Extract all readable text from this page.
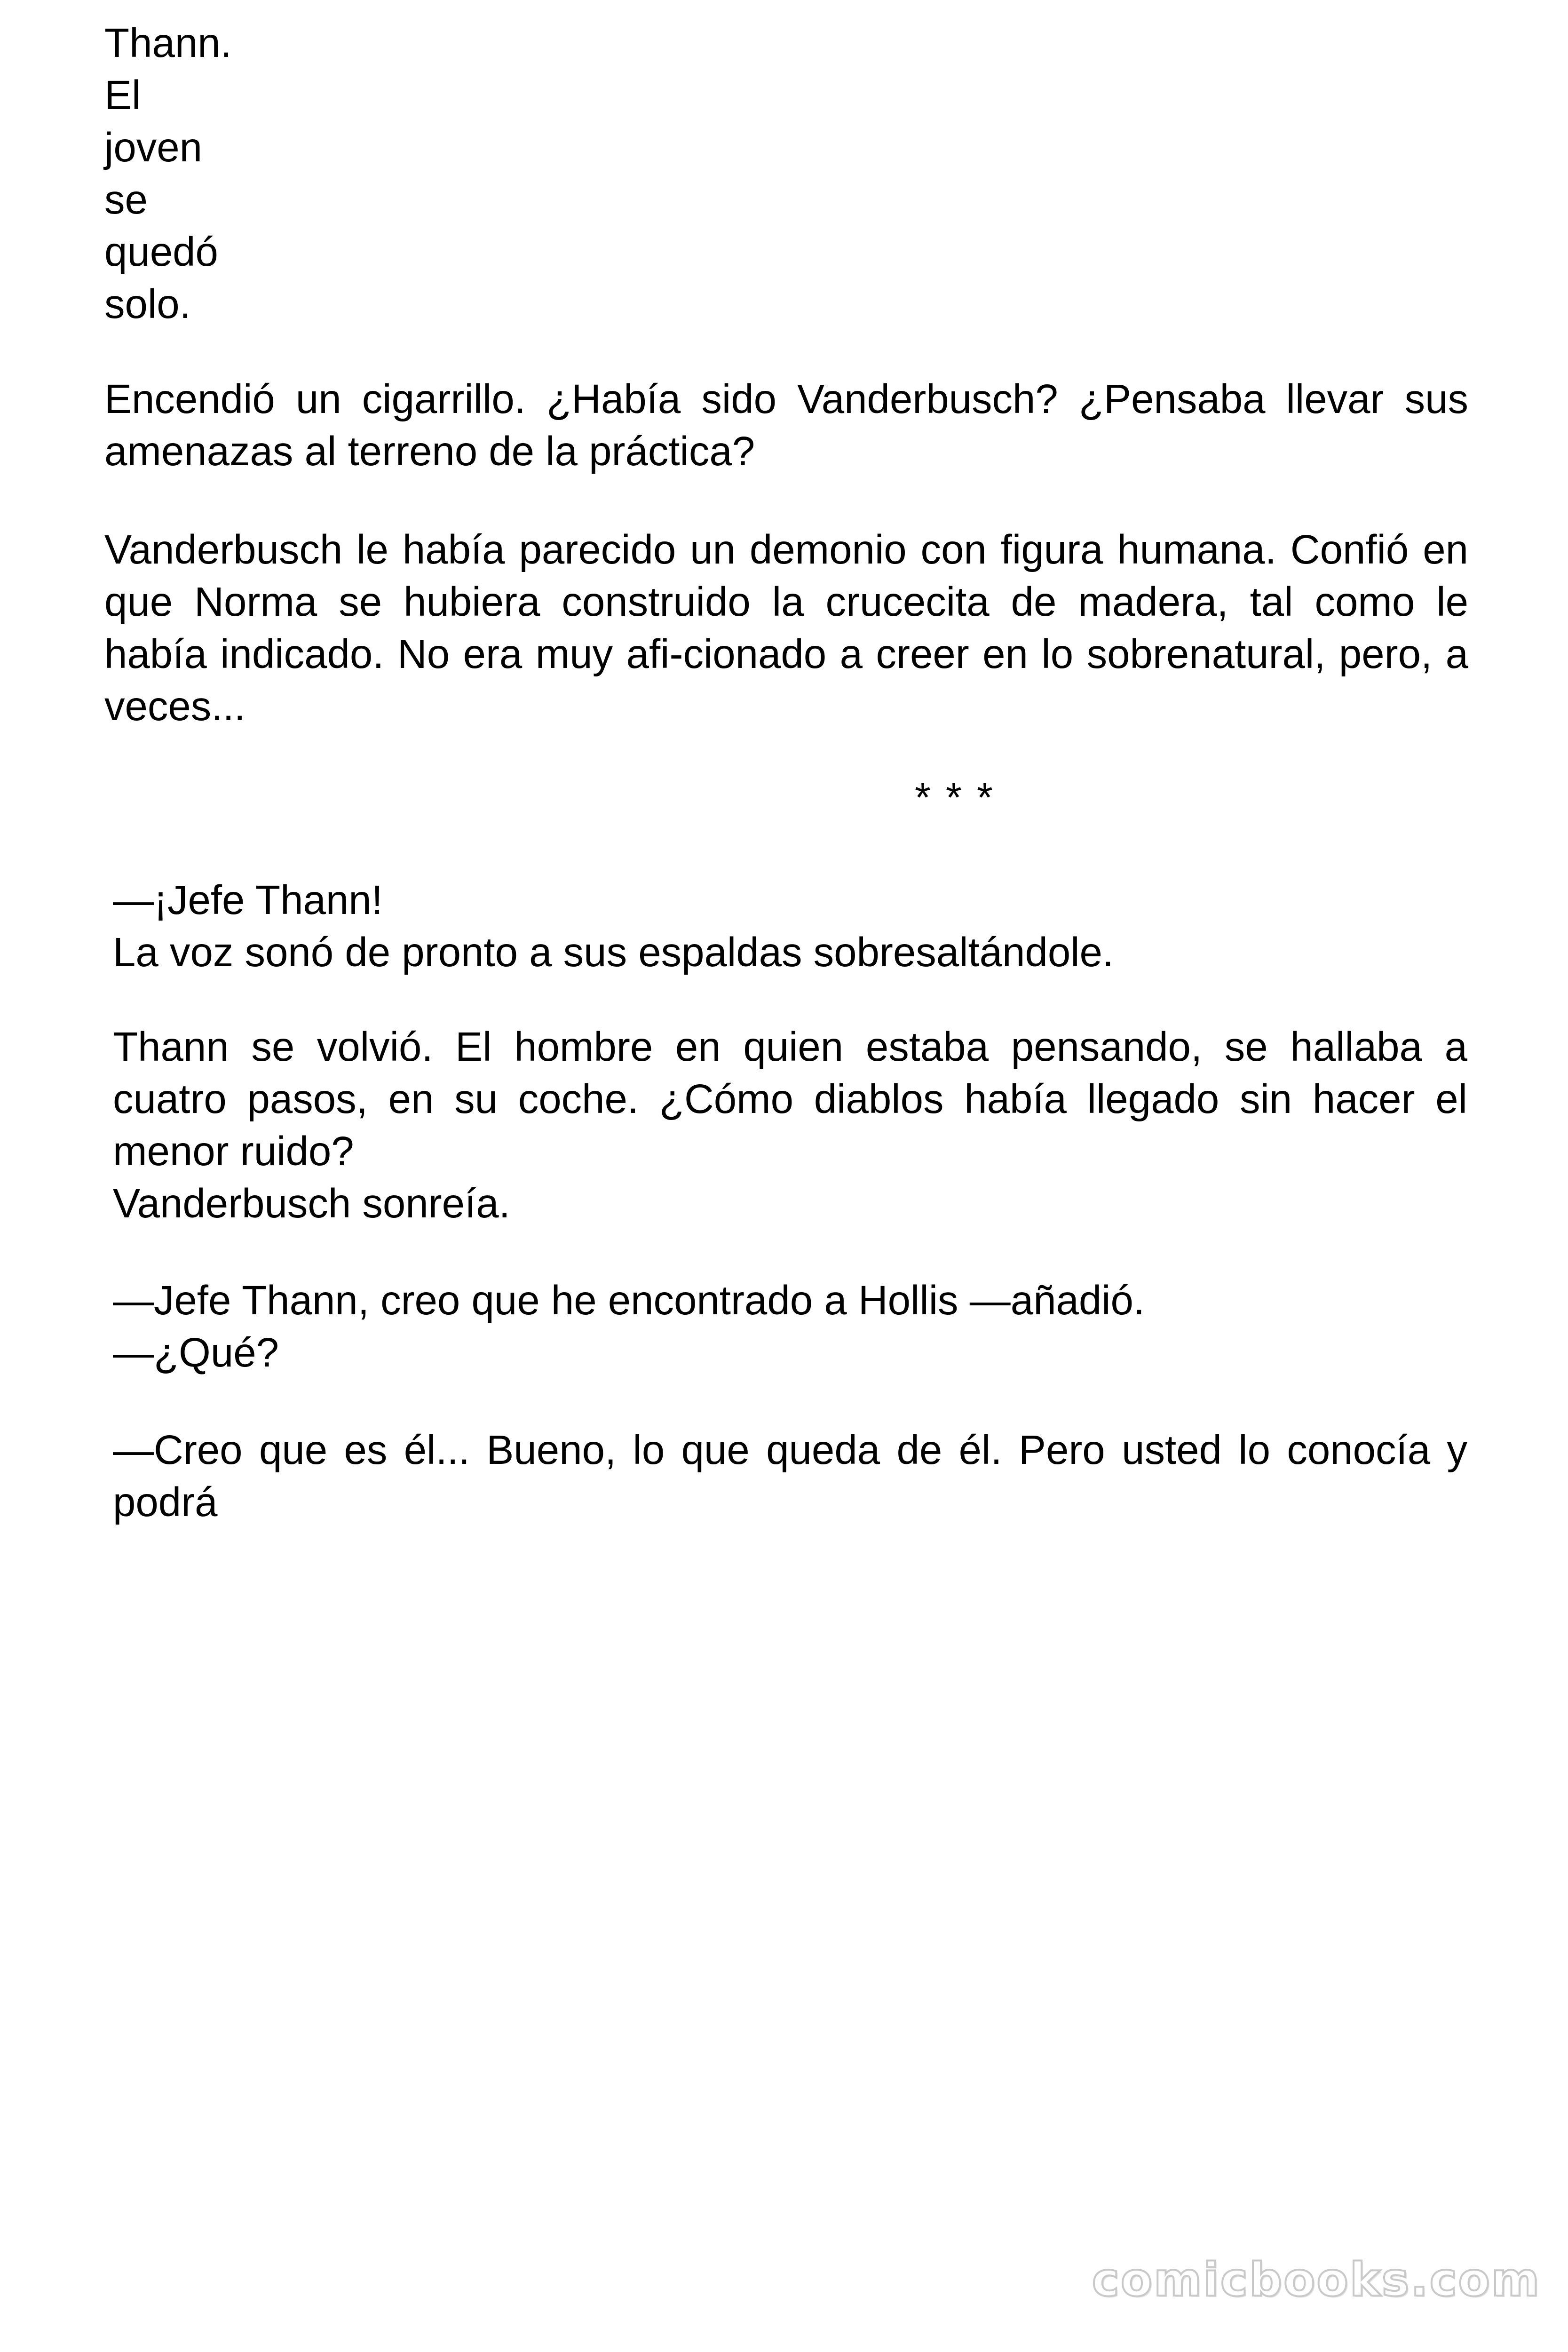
Thann.
El
joven
se
quedó
solo.
Encendió un cigarrillo. ¿Había sido Vanderbusch? ¿Pensaba llevar sus amenazas al terreno de la práctica?
Vanderbusch le había parecido un demonio con figura humana. Confió en que Norma se hubiera construido la crucecita de madera, tal como le había indicado. No era muy afi-cionado a creer en lo sobrenatural, pero, a veces...
* * *
—¡Jefe Thann!
La voz sonó de pronto a sus espaldas sobresaltándole.
Thann se volvió. El hombre en quien estaba pensando, se hallaba a cuatro pasos, en su coche. ¿Cómo diablos había llegado sin hacer el menor ruido?
Vanderbusch sonreía.
—Jefe Thann, creo que he encontrado a Hollis —añadió.
—¿Qué?
—Creo que es él... Bueno, lo que queda de él. Pero usted lo conocía y podrá
comicbooks.com
